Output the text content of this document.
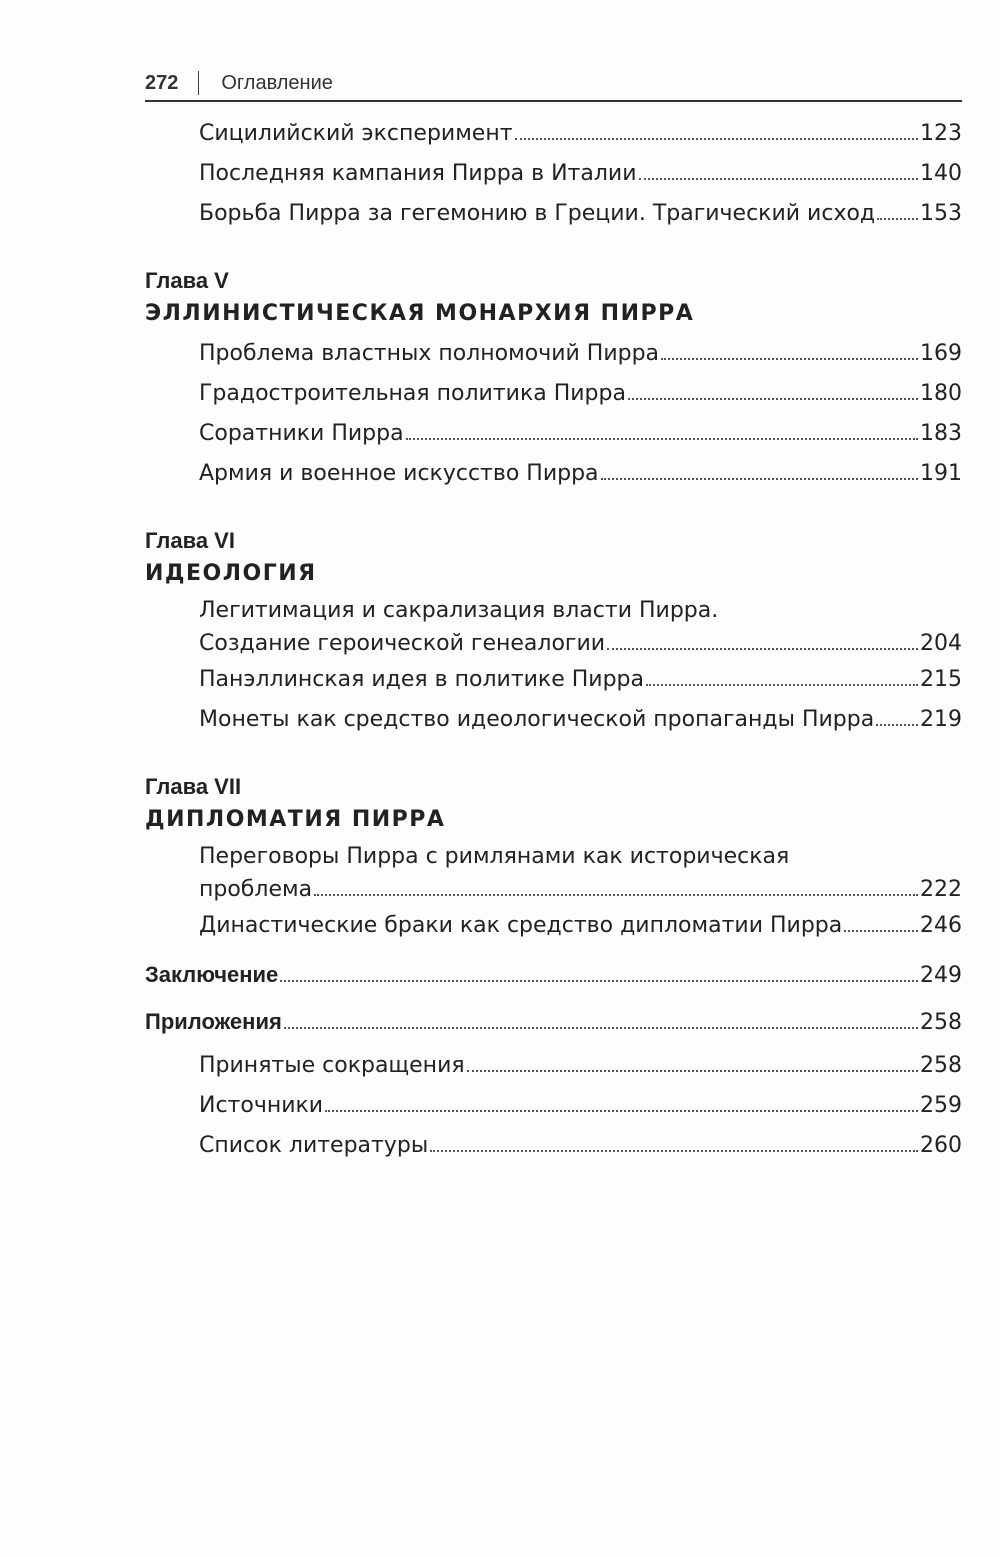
272 Оглавление
Сицилийский эксперимент	123
Последняя кампания Пирра в Италии	140
Борьба Пирра за гегемонию в Греции. Трагический исход 153
Глава V
ЭЛЛИНИСТИЧЕСКАЯ МОНАРХИЯ ПИРРА
Проблема властных полномочий Пирра	169
Градостроительная политика Пирра	180
Соратники Пирра	183
Армия и военное искусство Пирра	191
Глава VI
ИДЕОЛОГИЯ
Легитимация и сакрализация власти Пирра.
Создание героической генеалогии	204
Панэллинская идея в политике Пирра	215
Монеты как средство идеологической пропаганды Пирра 219
Глава VII
ДИПЛОМАТИЯ ПИРРА
Переговоры Пирра с римлянами как историческая
проблема	222
Династические браки как средство дипломатии Пирра	246
Заключение	249
Приложения	258
Принятые сокращения	258
Источники	259
Список литературы	260
